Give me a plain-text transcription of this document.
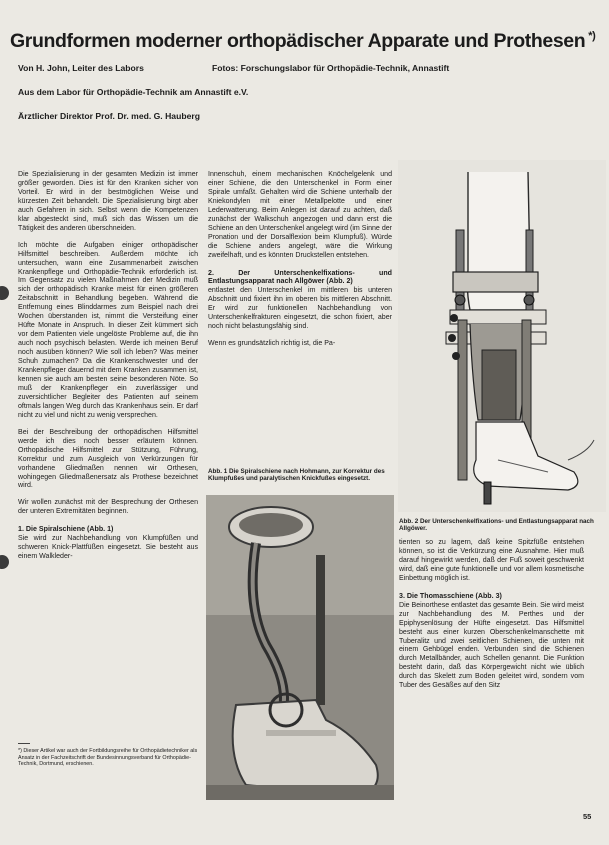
Grundformen moderner orthopädischer Apparate und Prothesen *)
Von H. John, Leiter des Labors	Fotos: Forschungslabor für Orthopädie-Technik, Annastift
Aus dem Labor für Orthopädie-Technik am Annastift e.V.
Ärztlicher Direktor Prof. Dr. med. G. Hauberg

Die Spezialisierung in der gesamten Medizin ist immer größer geworden. Dies ist für den Kranken sicher von Vorteil. Er wird in der bestmöglichen Weise und kürzesten Zeit behandelt. Die Spezialisierung birgt aber auch Gefahren in sich. Selbst wenn die Kompetenzen klar abgesteckt sind, muß sich das Wissen um die Tätigkeit des anderen überschneiden.

Ich möchte die Aufgaben einiger orthopädischer Hilfsmittel beschreiben. Außerdem möchte ich untersuchen, wann eine Zusammenarbeit zwischen Krankenpflege und Orthopädie-Technik erforderlich ist. Im Gegensatz zu vielen Maßnahmen der Medizin muß sich der orthopädisch Kranke meist für einen größeren Zeitabschnitt in Behandlung begeben. Während die Entfernung eines Blinddarmes zum Beispiel nach drei Wochen überstanden ist, nimmt die Versteifung einer Hüfte Monate in Anspruch. In dieser Zeit kümmert sich vor dem Patienten viele ungelöste Probleme auf, die ihn auch noch psychisch belasten. Werde ich meinen Beruf noch ausüben können? Wie soll ich leben? Was meiner Schuh zumachen? Da die Krankenschwester und der Krankenpfleger dauernd mit dem Kranken zusammen ist, kennen sie auch am besten seine besonderen Nöte. So muß der Krankenpfleger ein zuverlässiger und zuversichtlicher Begleiter des Patienten auf seinem oftmals langen Weg durch das Krankenhaus sein. Er darf nicht zu viel und nicht zu wenig versprechen.

Bei der Beschreibung der orthopädischen Hilfsmittel werde ich dies noch besser erläutern können. Orthopädische Hilfsmittel zur Stützung, Führung, Korrektur und zum Ausgleich von Verkürzungen für vorhandene Gliedmaßen nennen wir Orthesen, wohingegen Gliedmaßenersatz als Prothese bezeichnet wird.

Wir wollen zunächst mit der Besprechung der Orthesen der unteren Extremitäten beginnen.

1. Die Spiralschiene (Abb. 1)

Sie wird zur Nachbehandlung von Klumpfüßen und schweren Knick-Plattfüßen eingesetzt. Sie besteht aus einem Walkleder-

*) Dieser Artikel war auch der Fortbildungsreihe für Orthopädietechniker als Ansatz in der Fachzeitschrift der Bundesinnungsverband für Orthopädie-Technik, Dortmund, erschienen.

Innenschuh, einem mechanischen Knöchelgelenk und einer Schiene, die den Unterschenkel in Form einer Spirale umfaßt. Gehalten wird die Schiene unterhalb der Kniekondylen mit einer Metallpelotte und einer Lederwatterung. Beim Anlegen ist darauf zu achten, daß zunächst der Walkschuh angezogen und dann erst die Schiene an den Unterschenkel angelegt wird (im Sinne der Pronation und der Dorsalflexion beim Klumpfuß). Würde die Schiene anders angelegt, wäre die Wirkung zweifelhaft, und es könnten Druckstellen entstehen.

2. Der Unterschenkelfixations- und Entlastungsapparat nach Allgöwer (Abb. 2)

entlastet den Unterschenkel im mittleren bis unteren Abschnitt und fixiert ihn im oberen bis mittleren Abschnitt. Er wird zur funktionellen Nachbehandlung von Unterschenkelfrakturen eingesetzt, die schon fixiert, aber noch nicht belastungsfähig sind.

Wenn es grundsätzlich richtig ist, die Pa-

Abb. 2 Der Unterschenkelfixations- und Entlastungsapparat nach Allgöwer.
Abb. 1 Die Spiralschiene nach Hohmann, zur Korrektur des Klumpfußes und paralytischen Knickfußes eingesetzt.

tienten so zu lagern, daß keine Spitzfüße entstehen können, so ist die Verkürzung eine Ausnahme. Hier muß darauf hingewirkt werden, daß der Fuß soweit geschwenkt wird, daß eine gute funktionelle und vor allem kosmetische Einbettung möglich ist.

3. Die Thomasschiene (Abb. 3)

Die Beinorthese entlastet das gesamte Bein. Sie wird meist zur Nachbehandlung des M. Perthes und der Epiphysenlösung der Hüfte eingesetzt. Das Hilfsmittel besteht aus einer kurzen Oberschenkelmanschette mit Tuberalitz und zwei seitlichen Schienen, die unten mit einem Gehbügel enden. Verbunden sind die Schienen durch Metallbänder, auch Schellen genannt. Die Funktion besteht darin, daß das Körpergewicht nicht wie üblich durch das Skelett zum Boden geleitet wird, sondern vom Tuber des Gesäßes auf den Sitz

55
